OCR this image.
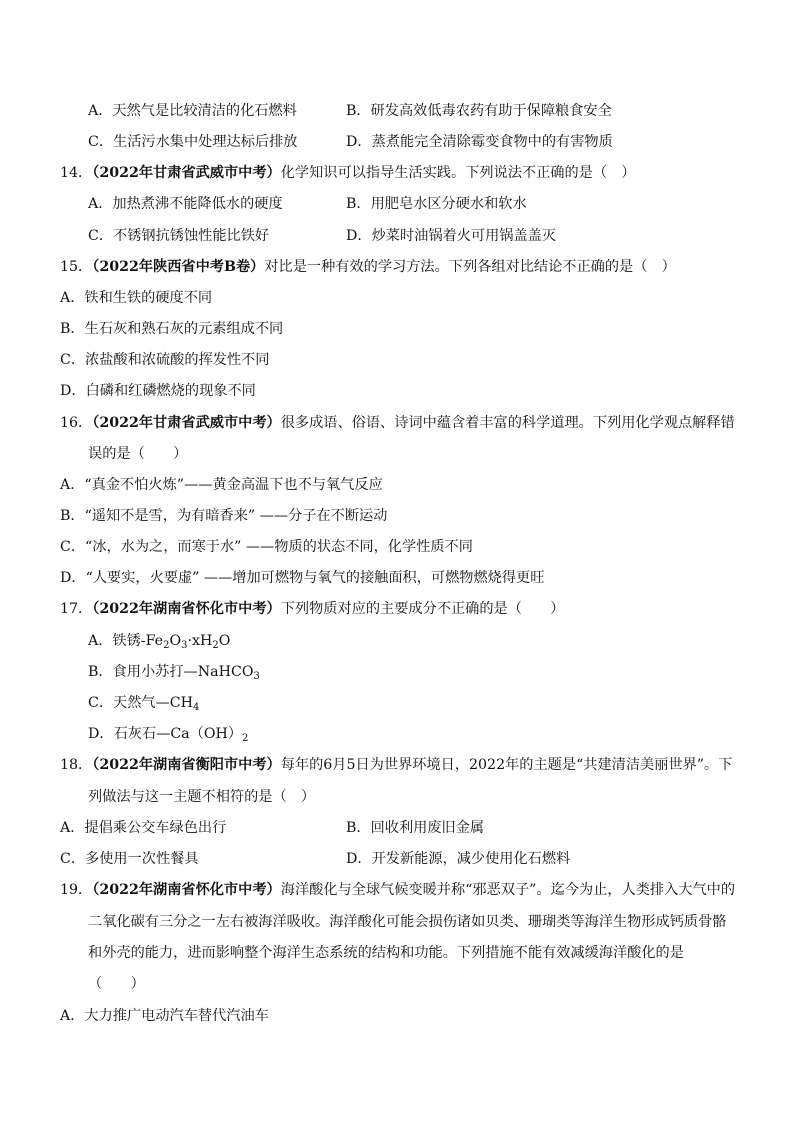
A．天然气是比较清洁的化石燃料	B．研发高效低毒农药有助于保障粮食安全
C．生活污水集中处理达标后排放	D．蒸煮能完全清除霉变食物中的有害物质
14．（2022年甘肃省武威市中考）化学知识可以指导生活实践。下列说法不正确的是（　）
A．加热煮沸不能降低水的硬度	B．用肥皂水区分硬水和软水
C．不锈钢抗锈蚀性能比铁好	D．炒菜时油锅着火可用锅盖盖灭
15．（2022年陕西省中考B卷）对比是一种有效的学习方法。下列各组对比结论不正确的是（　）
A．铁和生铁的硬度不同
B．生石灰和熟石灰的元素组成不同
C．浓盐酸和浓硫酸的挥发性不同
D．白磷和红磷燃烧的现象不同
16．（2022年甘肃省武威市中考）很多成语、俗语、诗词中蕴含着丰富的科学道理。下列用化学观点解释错
误的是（　　）
A．“真金不怕火炼”——黄金高温下也不与氧气反应
B．“遥知不是雪，为有暗香来” ——分子在不断运动
C．“冰，水为之，而寒于水” ——物质的状态不同，化学性质不同
D．“人要实，火要虚” ——增加可燃物与氧气的接触面积，可燃物燃烧得更旺
17．（2022年湖南省怀化市中考）下列物质对应的主要成分不正确的是（　　）
A．铁锈$-Fe_2O_3\cdot xH_2O$
B．食用小苏打—NaHCO$_3$
C．天然气$—CH_4$
D．石灰石$—Ca(OH)_2$
18．（2022年湖南省衡阳市中考）每年的6月5日为世界环境日，2022年的主题是“共建清洁美丽世界”。下
列做法与这一主题不相符的是（　）
A．提倡乘公交车绿色出行	B．回收利用废旧金属
C．多使用一次性餐具	D．开发新能源，减少使用化石燃料
19．（2022年湖南省怀化市中考）海洋酸化与全球气候变暖并称“邪恶双子”。迄今为止，人类排入大气中的
二氧化碳有三分之一左右被海洋吸收。海洋酸化可能会损伤诸如贝类、珊瑚类等海洋生物形成钙质骨骼
和外壳的能力，进而影响整个海洋生态系统的结构和功能。下列措施不能有效减缓海洋酸化的是
（　　）
A．大力推广电动汽车替代汽油车
